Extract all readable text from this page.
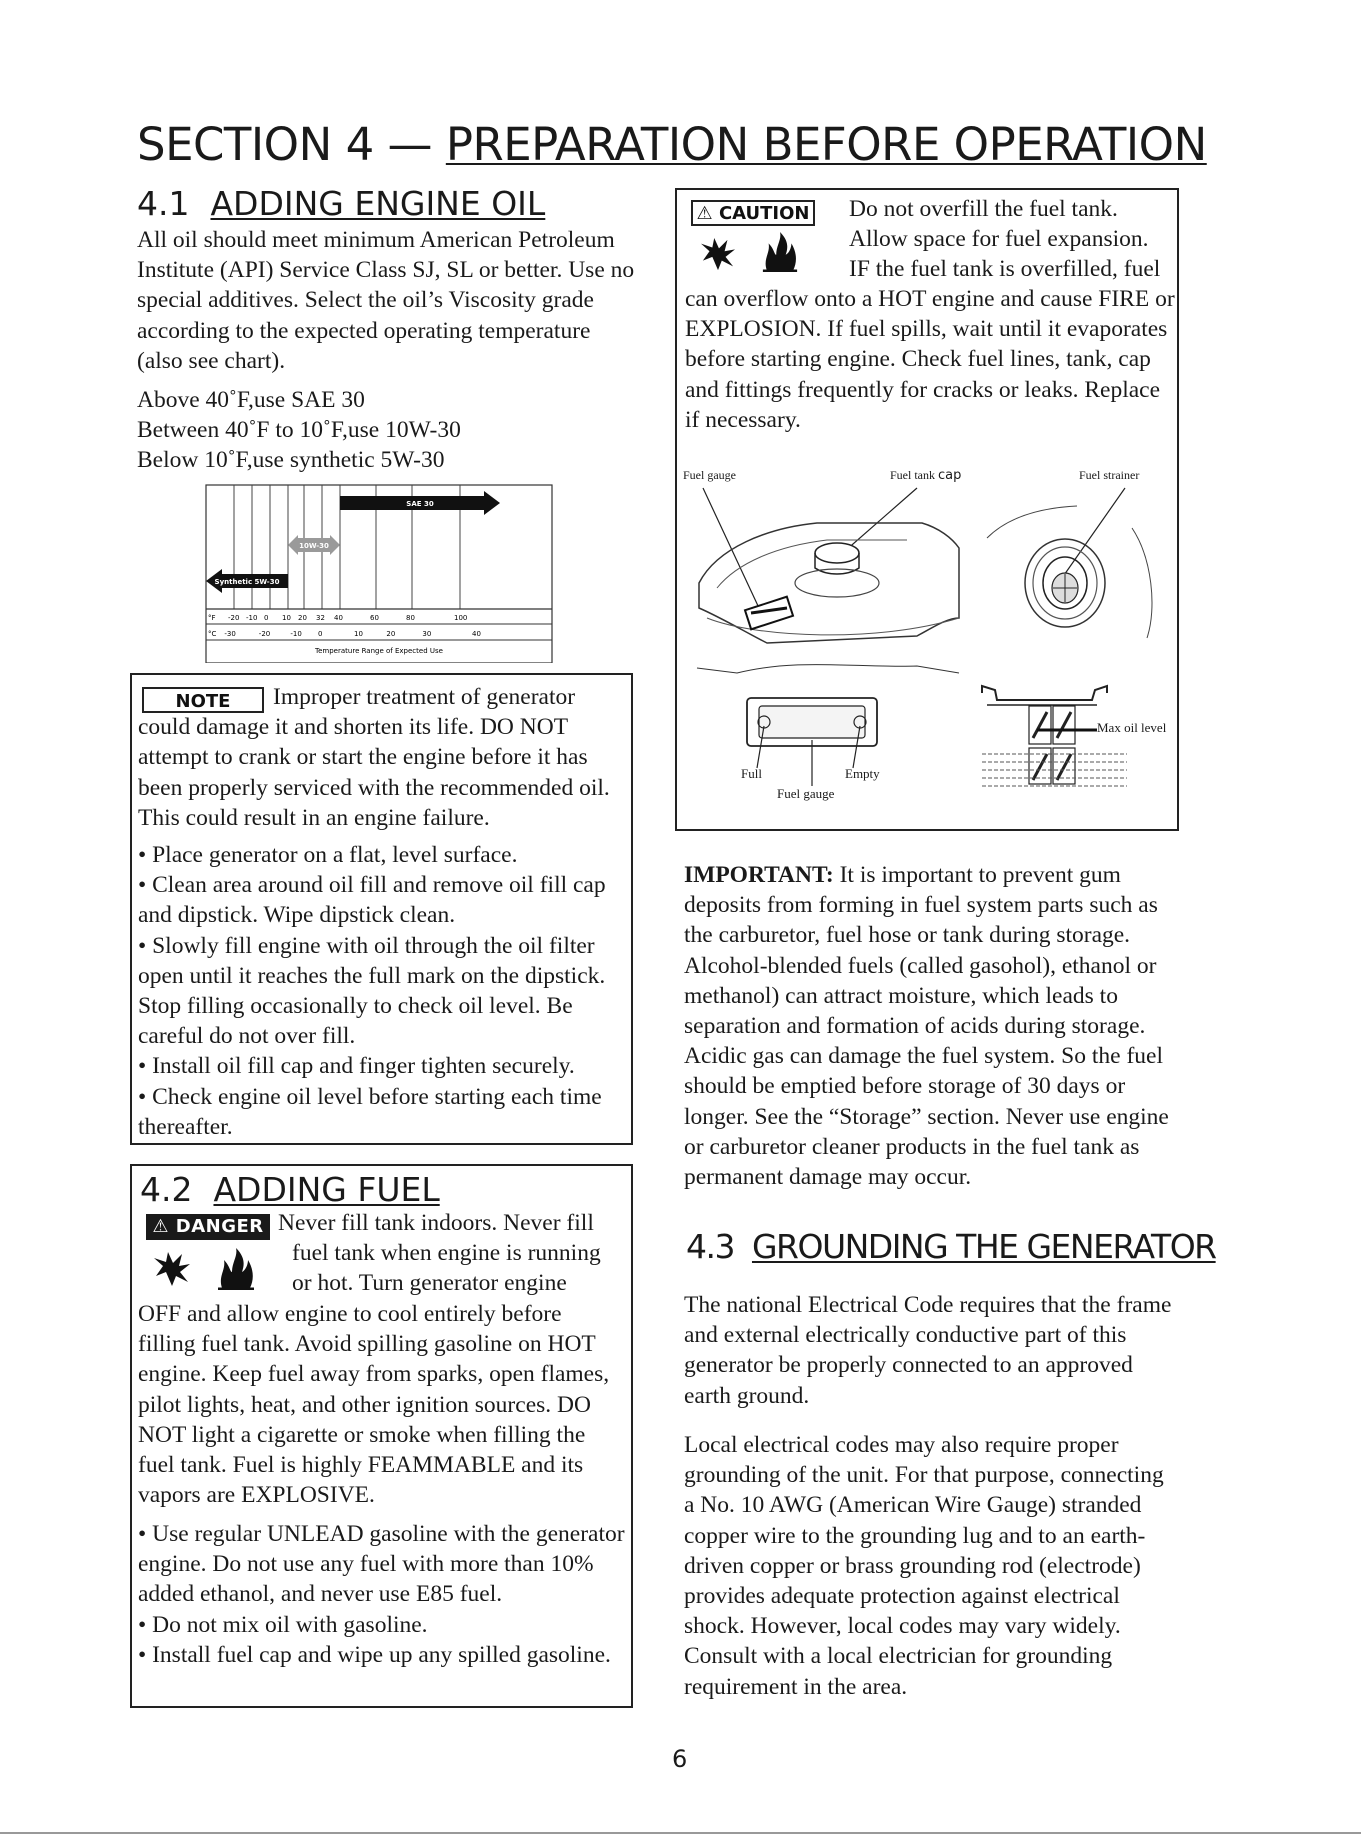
SECTION 4 — PREPARATION BEFORE OPERATION
4.1 ADDING ENGINE OIL

All oil should meet minimum American Petroleum Institute (API) Service Class SJ, SL or better. Use no special additives. Select the oil’s Viscosity grade according to the expected operating temperature (also see chart).

Above 40˚F,use SAE 30
Between 40˚F to 10˚F,use 10W-30
Below 10˚F,use synthetic 5W-30
°F -20 -10 0 10 20 32 40	60	80	100
°C -30	-20	-10 0	10	20	30	40
Temperature Range of Expected Use
SAE 30
10W-30
Synthetic 5W-30
NOTE	Improper treatment of generator could damage it and shorten its life. DO NOT attempt to crank or start the engine before it has been properly serviced with the recommended oil. This could result in an engine failure.

• Place generator on a flat, level surface.

• Clean area around oil fill and remove oil fill cap and dipstick. Wipe dipstick clean.

• Slowly fill engine with oil through the oil filter open until it reaches the full mark on the dipstick. Stop filling occasionally to check oil level. Be careful do not over fill.

• Install oil fill cap and finger tighten securely.

• Check engine oil level before starting each time thereafter.

4.2 ADDING FUEL
⚠ DANGER Never fill tank indoors. Never fill
fuel tank when engine is running
or hot. Turn generator engine

OFF and allow engine to cool entirely before filling fuel tank. Avoid spilling gasoline on HOT engine. Keep fuel away from sparks, open flames, pilot lights, heat, and other ignition sources. DO NOT light a cigarette or smoke when filling the fuel tank. Fuel is highly FEAMMABLE and its vapors are EXPLOSIVE.

• Use regular UNLEAD gasoline with the generator engine. Do not use any fuel with more than 10% added ethanol, and never use E85 fuel.

• Do not mix oil with gasoline.

• Install fuel cap and wipe up any spilled gasoline.

⚠ CAUTION Do not overfill the fuel tank.
Allow space for fuel expansion.
IF the fuel tank is overfilled, fuel

can overflow onto a HOT engine and cause FIRE or EXPLOSION. If fuel spills, wait until it evaporates before starting engine. Check fuel lines, tank, cap and fittings frequently for cracks or leaks. Replace if necessary.

Fuel gauge	Fuel tank cap	Fuel strainer
Full	Empty
Fuel gauge
Max oil level

IMPORTANT: It is important to prevent gum deposits from forming in fuel system parts such as the carburetor, fuel hose or tank during storage. Alcohol-blended fuels (called gasohol), ethanol or methanol) can attract moisture, which leads to separation and formation of acids during storage. Acidic gas can damage the fuel system. So the fuel should be emptied before storage of 30 days or longer. See the “Storage” section. Never use engine or carburetor cleaner products in the fuel tank as permanent damage may occur.

4.3 GROUNDING THE GENERATOR

The national Electrical Code requires that the frame and external electrically conductive part of this generator be properly connected to an approved earth ground.

Local electrical codes may also require proper grounding of the unit. For that purpose, connecting a No. 10 AWG (American Wire Gauge) stranded copper wire to the grounding lug and to an earth-driven copper or brass grounding rod (electrode) provides adequate protection against electrical shock. However, local codes may vary widely. Consult with a local electrician for grounding requirement in the area.

6
